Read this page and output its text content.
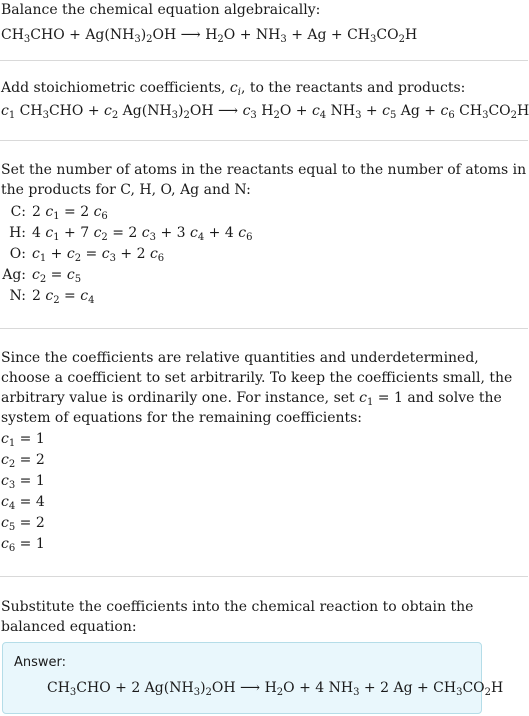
Balance the chemical equation algebraically:

$CH_3CHO + Ag(NH_3)_2OH$ ⟶ $H_2O + NH_3 + Ag + CH_3CO_2H$

Add stoichiometric coefficients, $c_i$, to the reactants and products:

$c_1$ $CH_3CHO + c_2$ $Ag(NH_3)_2OH$ ⟶ $c_3$ $H_2O + c_4$ $NH_3 + c_5$ $Ag + c_6$ $CH_3CO_2H$

Set the number of atoms in the reactants equal to the number of atoms in the products for C, H, O, Ag and N:

C: 2 $c_1 = 2$ $c_6$
H: 4 $c_1 + 7$ $c_2 = 2$ $c_3 + 3$ $c_4 + 4$ $c_6$
O: $c_1 + c_2 = c_3 + 2$ $c_6$
Ag: $c_2 = c_5$
N: 2 $c_2 = c_4$

Since the coefficients are relative quantities and underdetermined, choose a coefficient to set arbitrarily. To keep the coefficients small, the arbitrary value is ordinarily one. For instance, set $c_1 = 1$ and solve the system of equations for the remaining coefficients:

$c_1 = 1$
$c_2 = 2$
$c_3 = 1$
$c_4 = 4$
$c_5 = 2$
$c_6 = 1$

Substitute the coefficients into the chemical reaction to obtain the balanced equation:

Answer:
$CH_3CHO + 2$ $Ag(NH_3)_2OH$ ⟶ $H_2O + 4$ $NH_3 + 2$ $Ag + CH_3CO_2H$
